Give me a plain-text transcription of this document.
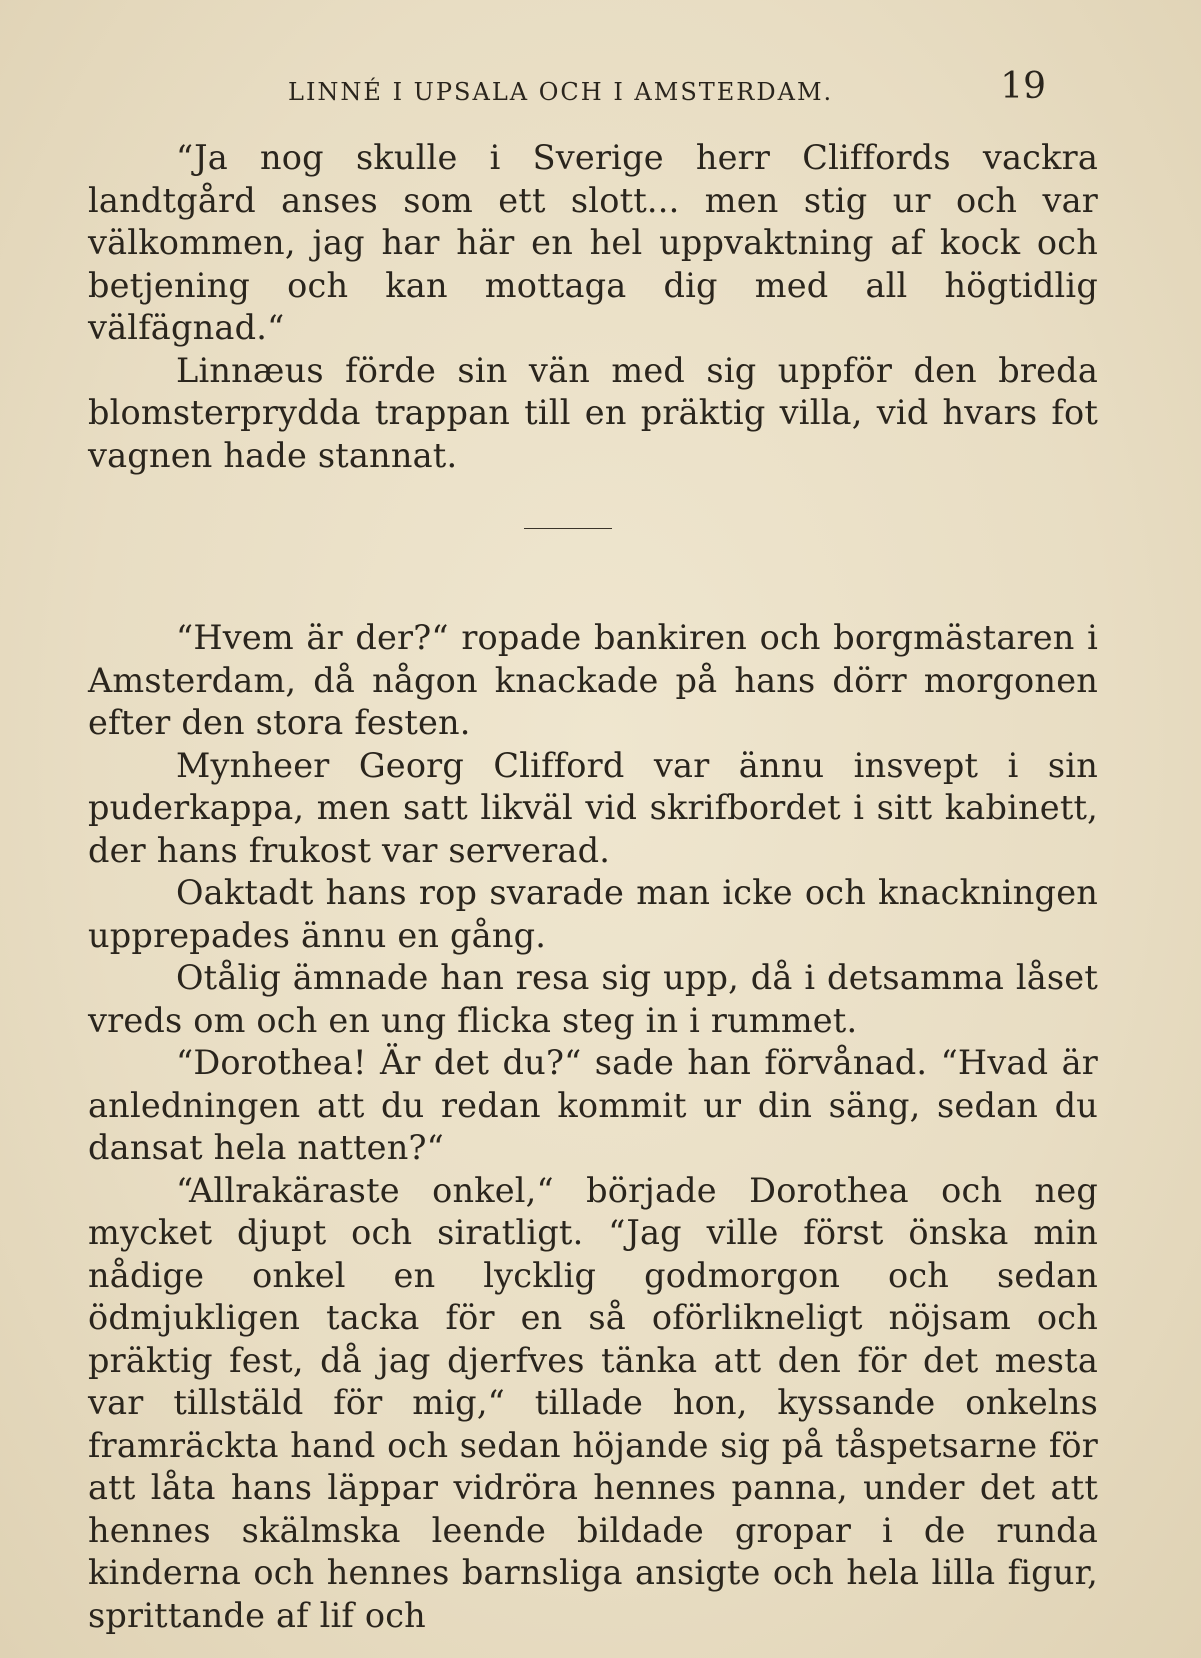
LINNÉ I UPSALA OCH I AMSTERDAM.	19

“Ja nog skulle i Sverige herr Cliffords vackra landtgård anses som ett slott... men stig ur och var välkommen, jag har här en hel uppvaktning af kock och betjening och kan mottaga dig med all högtidlig välfägnad.“

Linnæus förde sin vän med sig uppför den breda blomsterprydda trappan till en präktig villa, vid hvars fot vagnen hade stannat.

“Hvem är der?“ ropade bankiren och borgmästaren i Amsterdam, då någon knackade på hans dörr morgonen efter den stora festen.

Mynheer Georg Clifford var ännu insvept i sin puderkappa, men satt likväl vid skrifbordet i sitt kabinett, der hans frukost var serverad.

Oaktadt hans rop svarade man icke och knackningen upprepades ännu en gång.

Otålig ämnade han resa sig upp, då i detsamma låset vreds om och en ung flicka steg in i rummet.

“Dorothea! Är det du?“ sade han förvånad. “Hvad är anledningen att du redan kommit ur din säng, sedan du dansat hela natten?“

“Allrakäraste onkel,“ började Dorothea och neg mycket djupt och siratligt. “Jag ville först önska min nådige onkel en lycklig godmorgon och sedan ödmjukligen tacka för en så oförlikneligt nöjsam och präktig fest, då jag djerfves tänka att den för det mesta var tillstäld för mig,“ tillade hon, kyssande onkelns framräckta hand och sedan höjande sig på tåspetsarne för att låta hans läppar vidröra hennes panna, under det att hennes skälmska leende bildade gropar i de runda kinderna och hennes barnsliga ansigte och hela lilla figur, sprittande af lif och
